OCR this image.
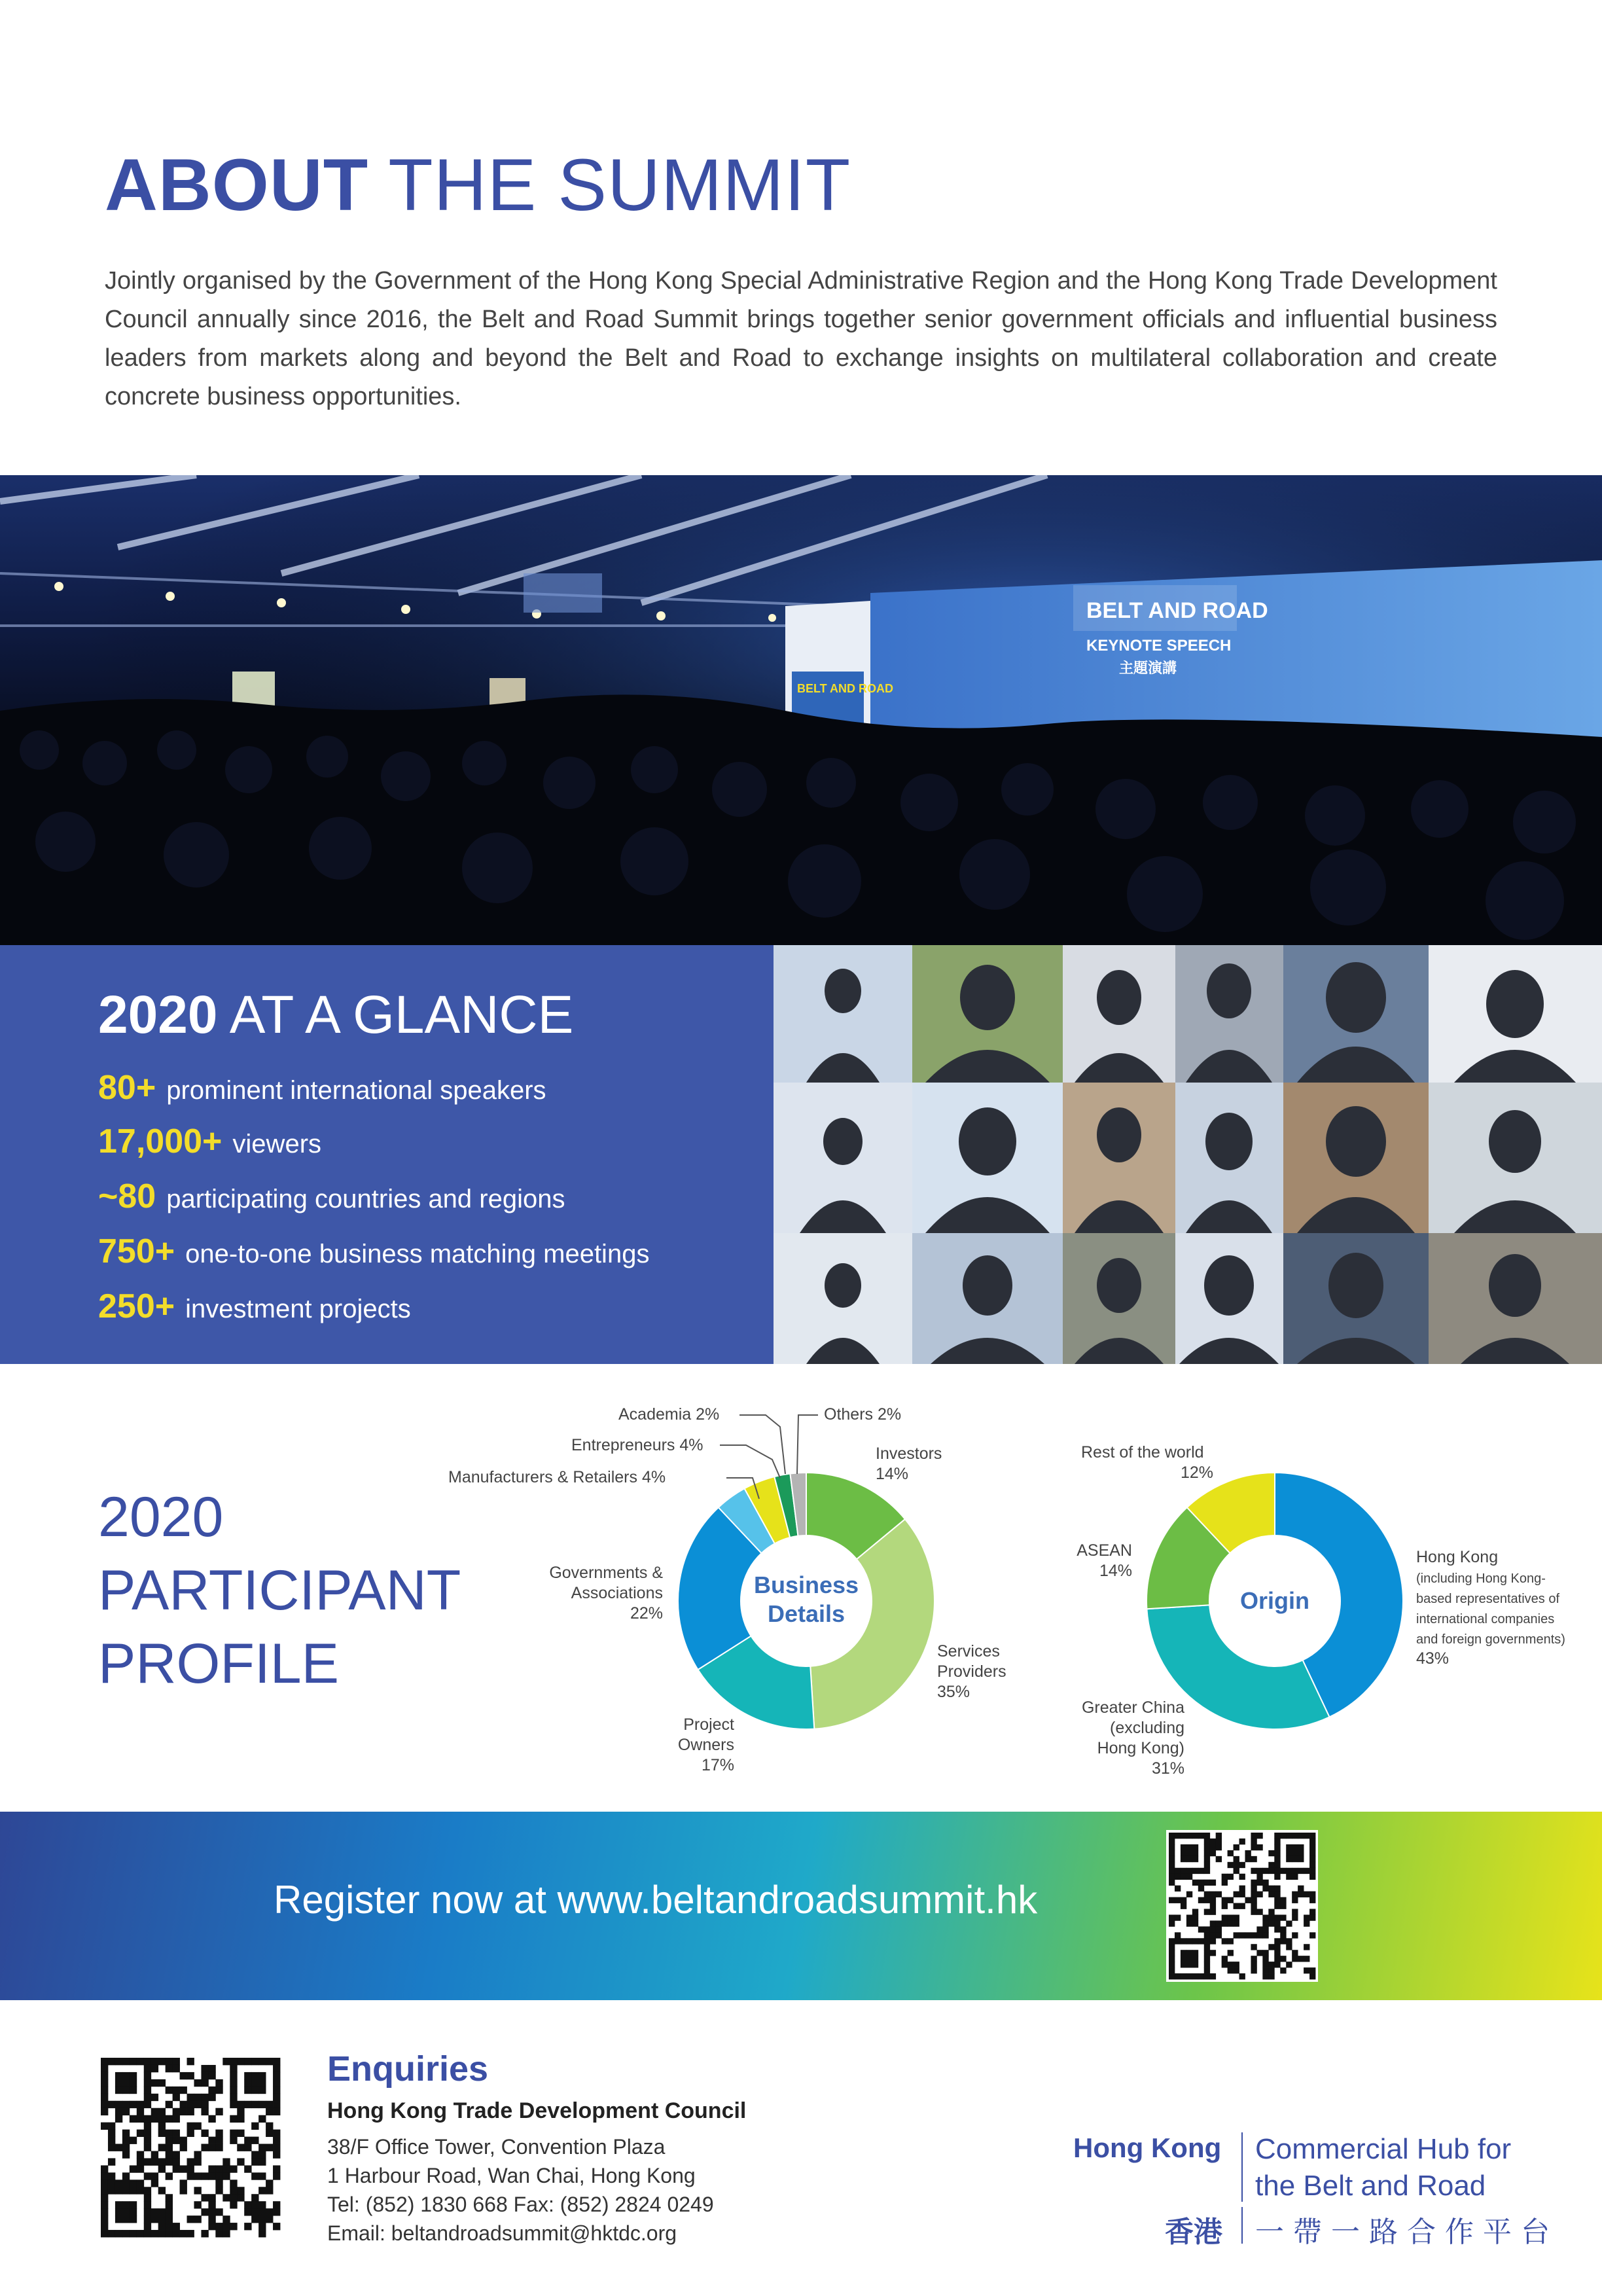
ABOUT THE SUMMIT
Jointly organised by the Government of the Hong Kong Special Administrative Region and the Hong Kong Trade Development Council annually since 2016, the Belt and Road Summit brings together senior government officials and influential business leaders from markets along and beyond the Belt and Road to exchange insights on multilateral collaboration and create concrete business opportunities.
BELT AND ROAD
KEYNOTE SPEECH
主題演講
BELT AND ROAD
2020 AT A GLANCE
80+ prominent international speakers
17,000+ viewers
~80 participating countries and regions
750+ one-to-one business matching meetings
250+ investment projects
2020
PARTICIPANT
PROFILE
Academia 2%
Entrepreneurs 4%
Manufacturers & Retailers 4%
Others 2%
Investors
14%
Services
Providers
35%
Project
Owners
17%
Governments &
Associations
22%
Business
Details
Rest of the world
12%
ASEAN
14%
Hong Kong
(including Hong Kong-
based representatives of
international companies
and foreign governments)
43%
Greater China
(excluding
Hong Kong)
31%
Origin
Register now at www.beltandroadsummit.hk
Enquiries
Hong Kong Trade Development Council
38/F Office Tower, Convention Plaza
1 Harbour Road, Wan Chai, Hong Kong
Tel: (852) 1830 668 Fax: (852) 2824 0249
Email: beltandroadsummit@hktdc.org
Hong Kong Commercial Hub for
the Belt and Road
香港 一帶一路合作平台
